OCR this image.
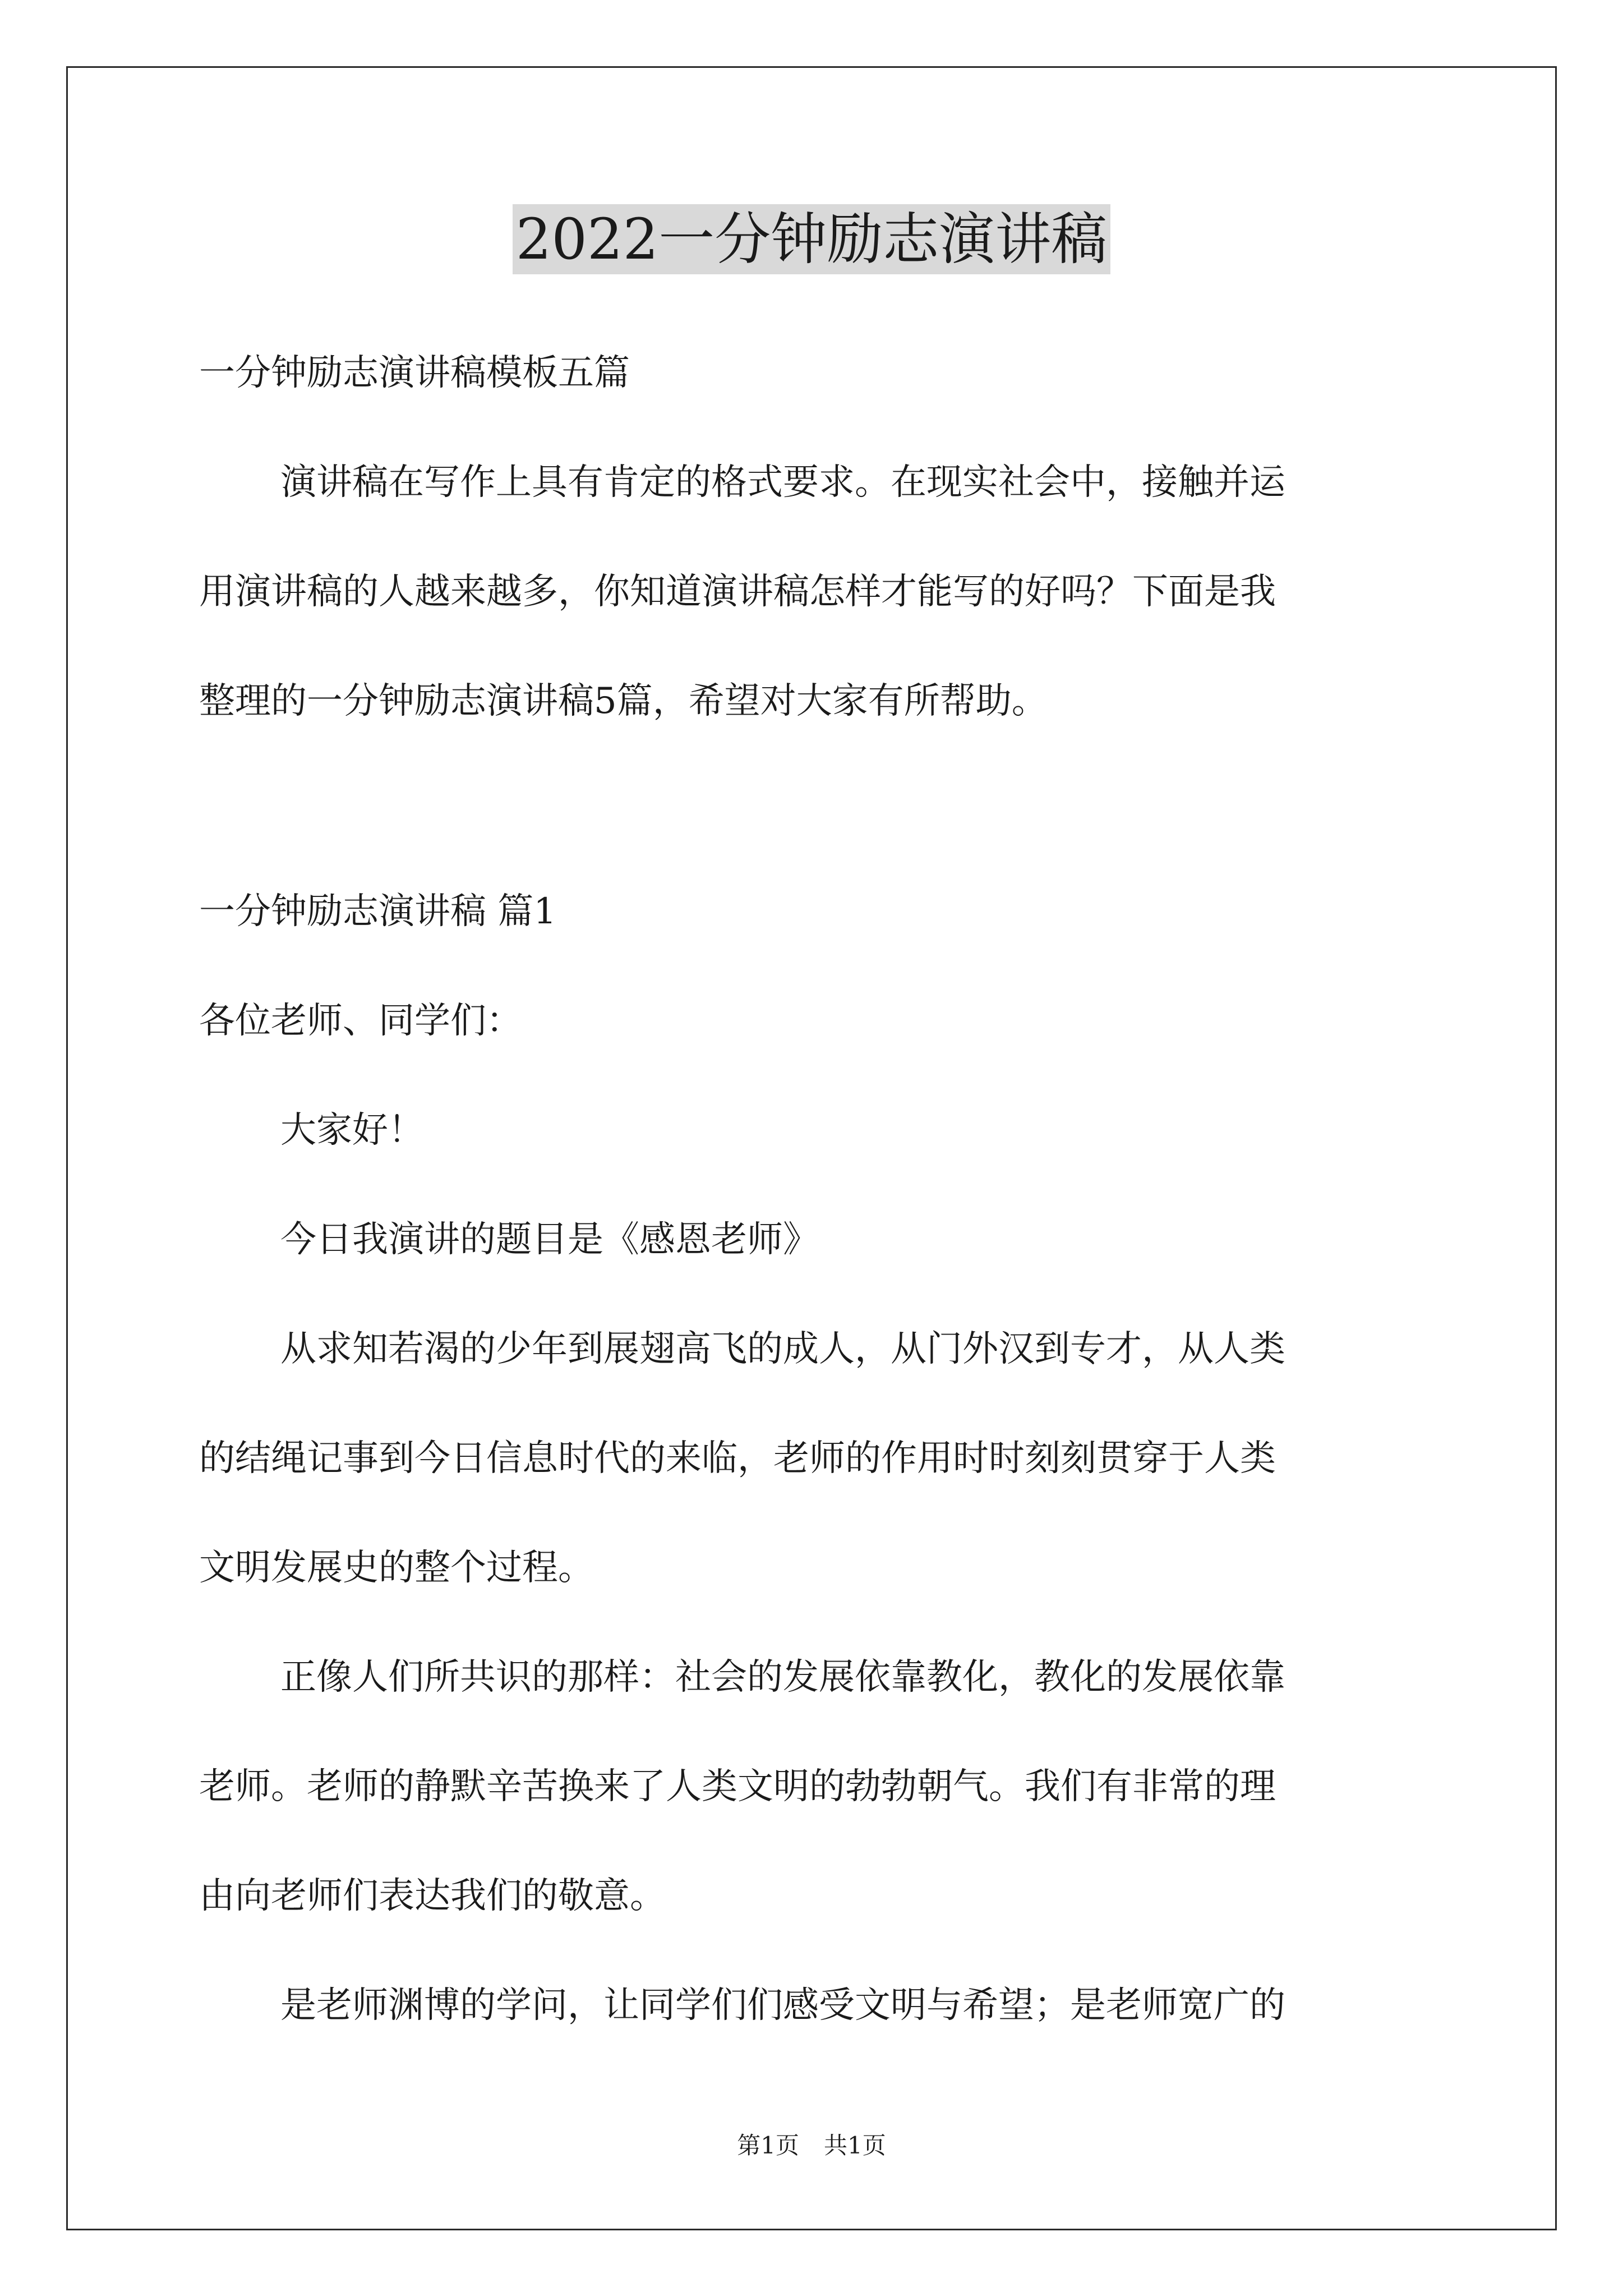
2022一分钟励志演讲稿

一分钟励志演讲稿模板五篇

演讲稿在写作上具有肯定的格式要求。在现实社会中，接触并运

用演讲稿的人越来越多，你知道演讲稿怎样才能写的好吗？下面是我

整理的一分钟励志演讲稿5篇，希望对大家有所帮助。

一分钟励志演讲稿 篇1

各位老师、同学们：

大家好！

今日我演讲的题目是《感恩老师》

从求知若渴的少年到展翅高飞的成人，从门外汉到专才，从人类

的结绳记事到今日信息时代的来临，老师的作用时时刻刻贯穿于人类

文明发展史的整个过程。

正像人们所共识的那样：社会的发展依靠教化，教化的发展依靠

老师。老师的静默辛苦换来了人类文明的勃勃朝气。我们有非常的理

由向老师们表达我们的敬意。

是老师渊博的学问，让同学们们感受文明与希望；是老师宽广的

第1页 共1页
